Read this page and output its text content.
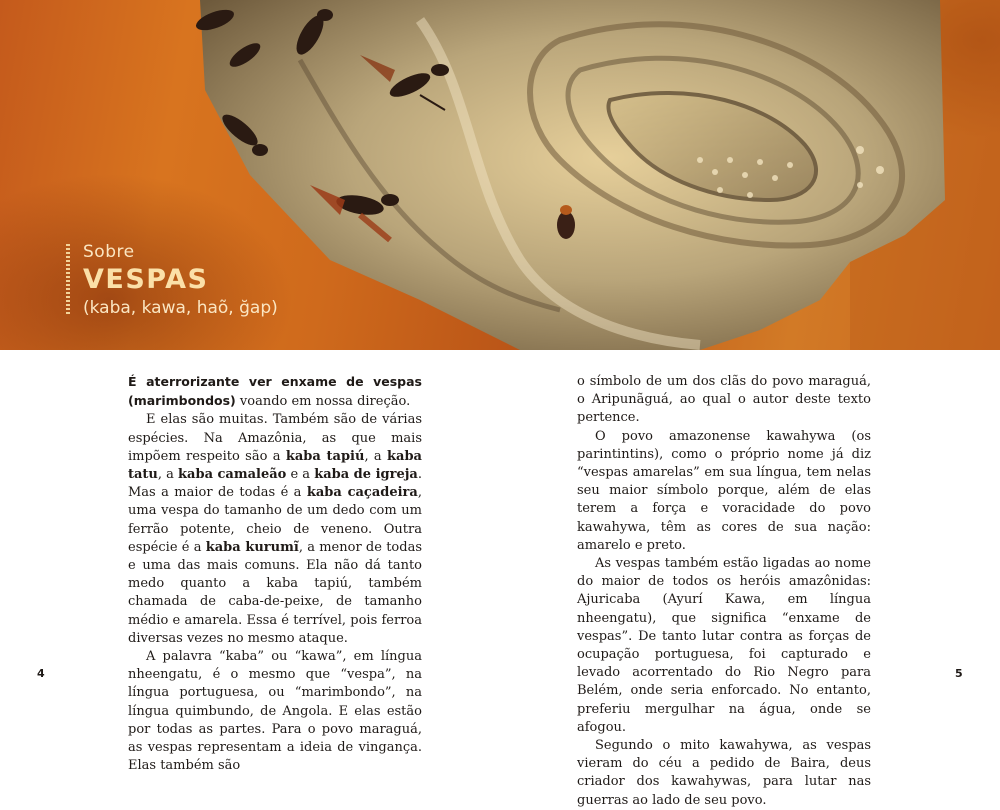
Sobre
VESPAS
(kaba, kawa, haõ, ğap)

É aterrorizante ver enxame de vespas (marimbondos) voando em nossa direção.

E elas são muitas. Também são de várias espécies. Na Amazônia, as que mais impõem respeito são a kaba tapiú, a kaba tatu, a kaba camaleão e a kaba de igreja. Mas a maior de todas é a kaba caçadeira, uma vespa do tamanho de um dedo com um ferrão potente, cheio de veneno. Outra espécie é a kaba kurumĩ, a menor de todas e uma das mais comuns. Ela não dá tanto medo quanto a kaba tapiú, também chamada de caba-de-peixe, de tamanho médio e amarela. Essa é terrível, pois ferroa diversas vezes no mesmo ataque.

A palavra “kaba” ou “kawa”, em língua nheengatu, é o mesmo que “vespa”, na língua portuguesa, ou “marimbondo”, na língua quimbundo, de Angola. E elas estão por todas as partes. Para o povo maraguá, as vespas representam a ideia de vingança. Elas também são

o símbolo de um dos clãs do povo maraguá, o Aripunãguá, ao qual o autor deste texto pertence.

O povo amazonense kawahywa (os parintintins), como o próprio nome já diz “vespas amarelas” em sua língua, tem nelas seu maior símbolo porque, além de elas terem a força e voracidade do povo kawahywa, têm as cores de sua nação: amarelo e preto.

As vespas também estão ligadas ao nome do maior de todos os heróis amazônidas: Ajuricaba (Ayurí Kawa, em língua nheengatu), que significa “enxame de vespas”. De tanto lutar contra as forças de ocupação portuguesa, foi capturado e levado acorrentado do Rio Negro para Belém, onde seria enforcado. No entanto, preferiu mergulhar na água, onde se afogou.

Segundo o mito kawahywa, as vespas vieram do céu a pedido de Baira, deus criador dos kawahywas, para lutar nas guerras ao lado de seu povo.

4	5
